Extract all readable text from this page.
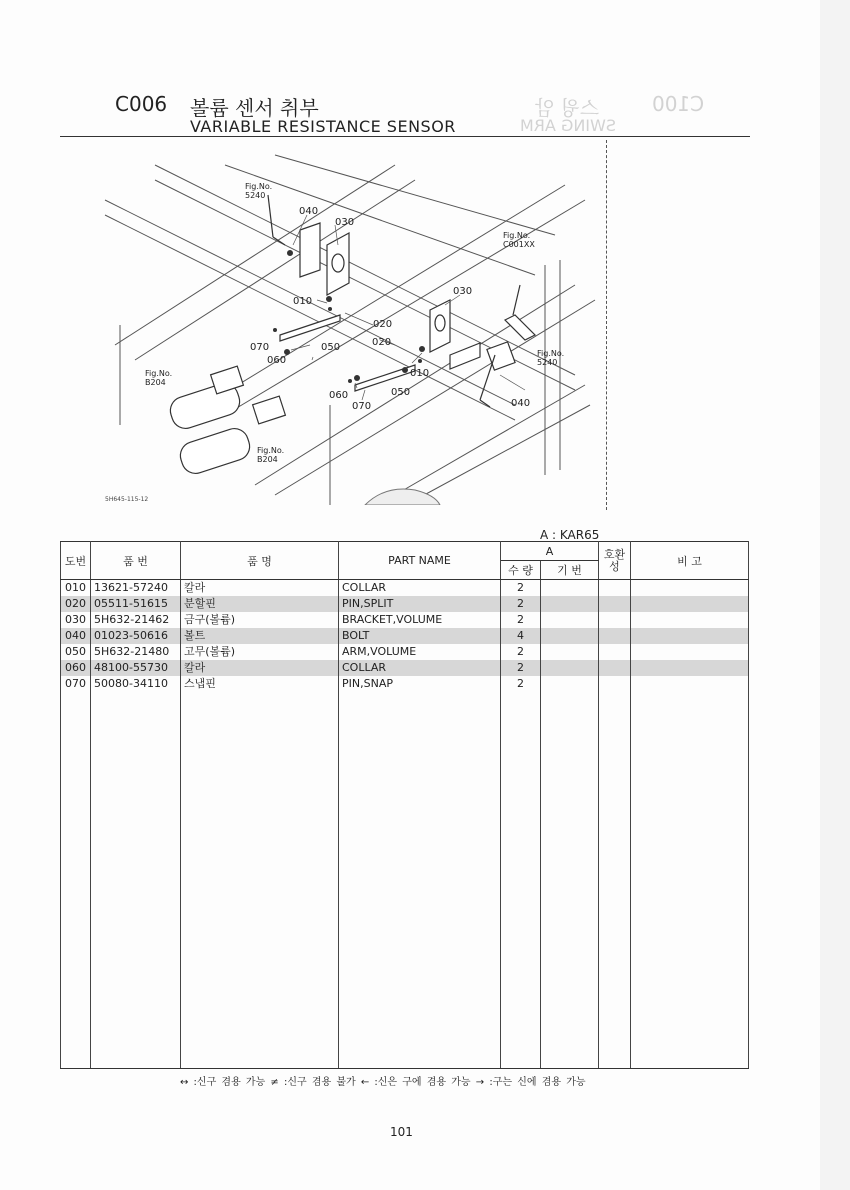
C100
스윙 암
SWING ARM
C006 볼륨 센서 취부
VARIABLE RESISTANCE SENSOR
Fig.No.
5240
Fig.No.
C001XX
Fig.No.
5240
Fig.No.
B204
Fig.No.
B204
040
030
030
010
020
070
060
050	020
010
060	050
070	040
5H645-115-12
A : KAR65
도번	품 번	품 명	PART NAME	A		호환성	비 고
				수 량	기 번		
010	13621-57240	칼라	COLLAR	2			
020	05511-51615	분할핀	PIN,SPLIT	2			
030	5H632-21462	금구(볼륨)	BRACKET,VOLUME	2			
040	01023-50616	볼트	BOLT	4			
050	5H632-21480	고무(볼륨)	ARM,VOLUME	2			
060	48100-55730	칼라	COLLAR	2			
070	50080-34110	스냅핀	PIN,SNAP	2			

↔ :신구 겸용 가능 ≠ :신구 겸용 불가 ← :신은 구에 겸용 가능 → :구는 신에 겸용 가능
101
